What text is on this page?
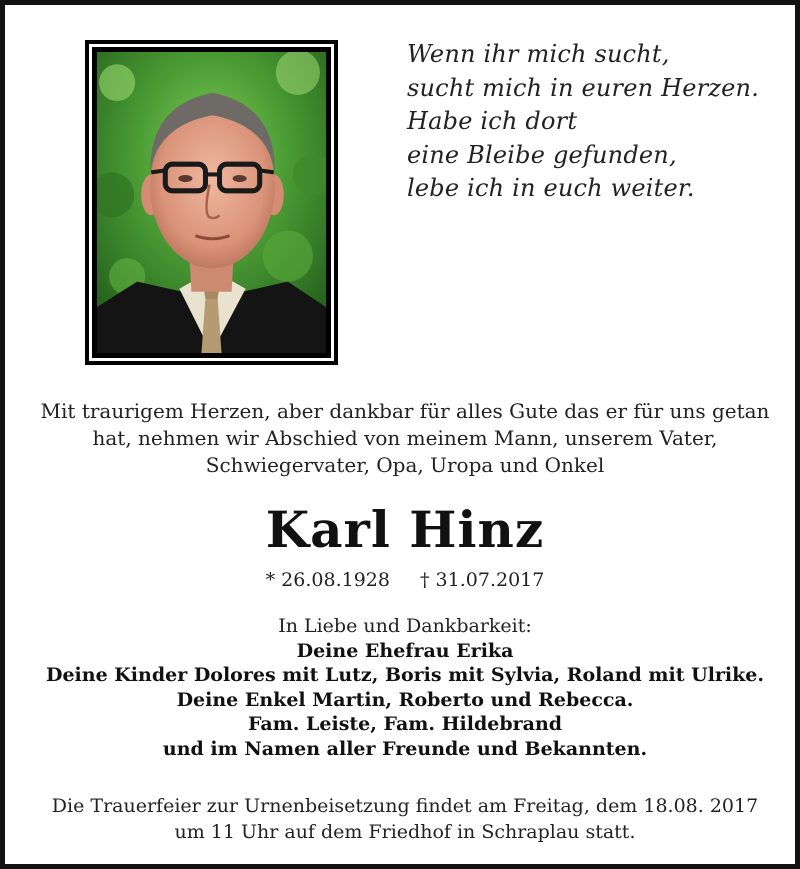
Wenn ihr mich sucht,
sucht mich in euren Herzen.
Habe ich dort
eine Bleibe gefunden,
lebe ich in euch weiter.
Mit traurigem Herzen, aber dankbar für alles Gute das er für uns getan
hat, nehmen wir Abschied von meinem Mann, unserem Vater,
Schwiegervater, Opa, Uropa und Onkel
Karl Hinz
* 26.08.1928 † 31.07.2017
In Liebe und Dankbarkeit:
Deine Ehefrau Erika
Deine Kinder Dolores mit Lutz, Boris mit Sylvia, Roland mit Ulrike.
Deine Enkel Martin, Roberto und Rebecca.
Fam. Leiste, Fam. Hildebrand
und im Namen aller Freunde und Bekannten.
Die Trauerfeier zur Urnenbeisetzung findet am Freitag, dem 18.08. 2017
um 11 Uhr auf dem Friedhof in Schraplau statt.
